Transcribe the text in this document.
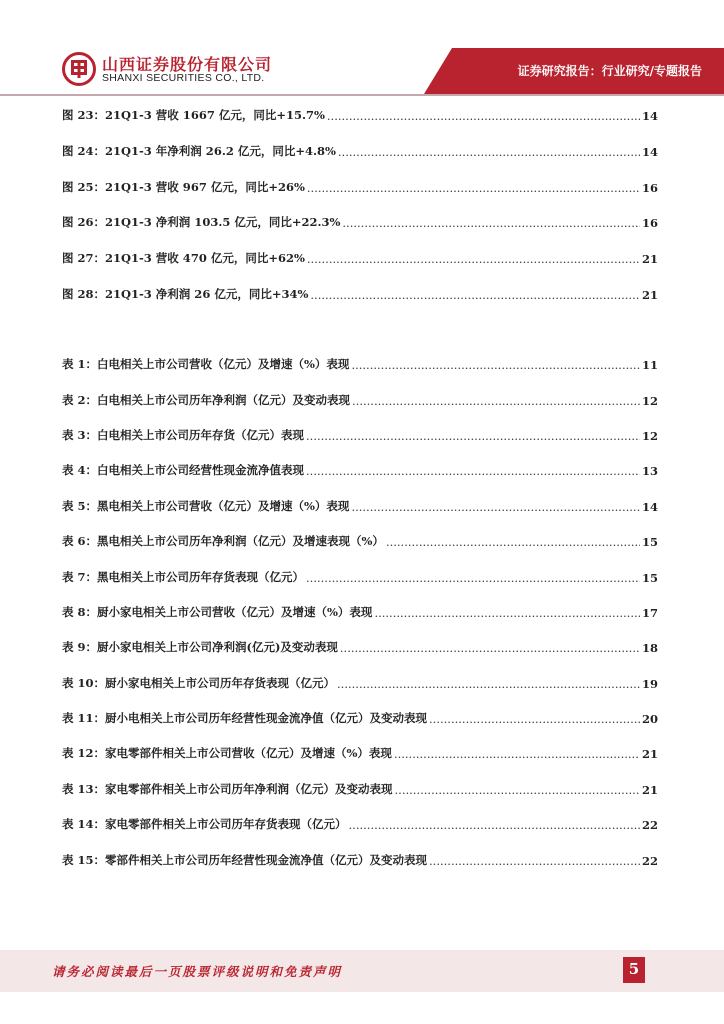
山西证券股份有限公司
SHANXI SECURITIES CO., LTD.	证券研究报告：行业研究/专题报告
图 23：21Q1-3 营收 1667 亿元，同比+15.7% .....	14
图 24：21Q1-3 年净利润 26.2 亿元，同比+4.8% .....	14
图 25：21Q1-3 营收 967 亿元，同比+26% .....	16
图 26：21Q1-3 净利润 103.5 亿元，同比+22.3% .....	16
图 27：21Q1-3 营收 470 亿元，同比+62% .....	21
图 28：21Q1-3 净利润 26 亿元，同比+34% .....	21
表 1：白电相关上市公司营收（亿元）及增速（%）表现 .....	11
表 2：白电相关上市公司历年净利润（亿元）及变动表现 .....	12
表 3：白电相关上市公司历年存货（亿元）表现 .....	12
表 4：白电相关上市公司经营性现金流净值表现 .....	13
表 5：黑电相关上市公司营收（亿元）及增速（%）表现 .....	14
表 6：黑电相关上市公司历年净利润（亿元）及增速表现（%） .....	15
表 7：黑电相关上市公司历年存货表现（亿元） .....	15
表 8：厨小家电相关上市公司营收（亿元）及增速（%）表现 .....	17
表 9：厨小家电相关上市公司净利润(亿元)及变动表现 .....	18
表 10：厨小家电相关上市公司历年存货表现（亿元） .....	19
表 11：厨小电相关上市公司历年经营性现金流净值（亿元）及变动表现 .....	20
表 12：家电零部件相关上市公司营收（亿元）及增速（%）表现 .....	21
表 13：家电零部件相关上市公司历年净利润（亿元）及变动表现 .....	21
表 14：家电零部件相关上市公司历年存货表现（亿元） .....	22
表 15：零部件相关上市公司历年经营性现金流净值（亿元）及变动表现 .....	22
请务必阅读最后一页股票评级说明和免责声明	5
